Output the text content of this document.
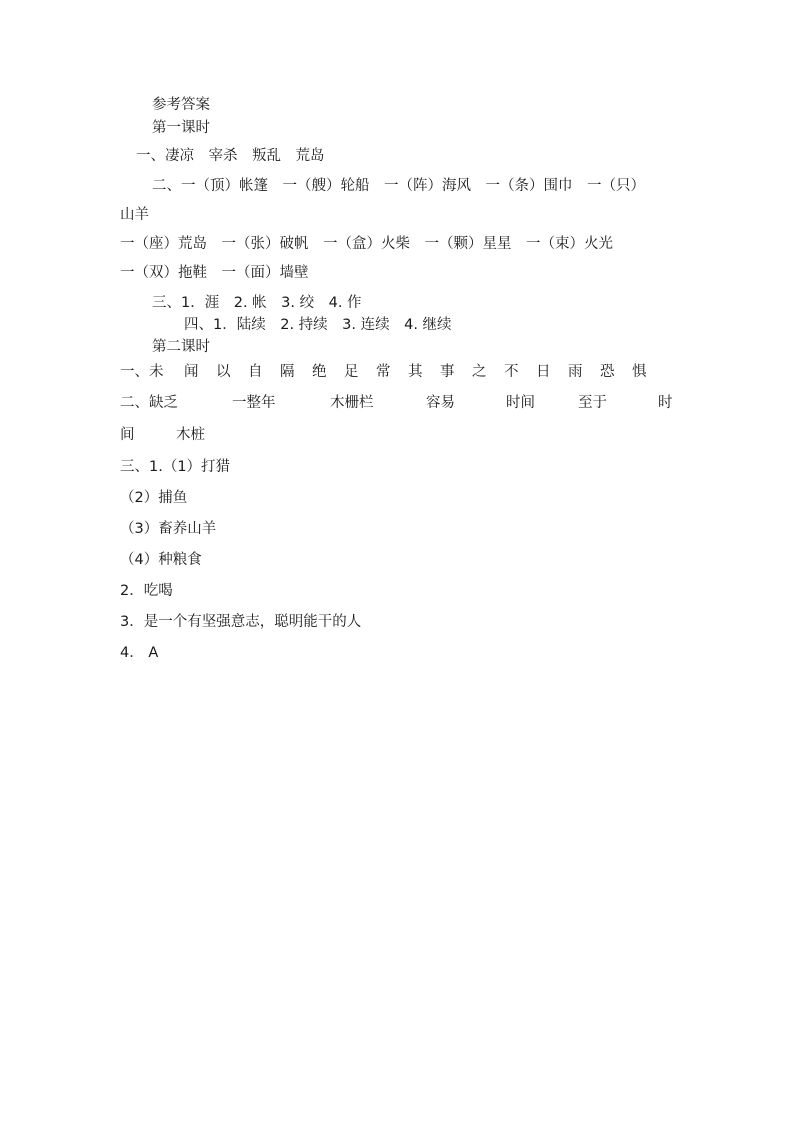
参考答案
第一课时
一、凄凉　宰杀　叛乱　荒岛
二、一（顶）帐篷　一（艘）轮船　一（阵）海风　一（条）围巾　一（只）
山羊
一（座）荒岛　一（张）破帆　一（盒）火柴　一（颗）星星　一（束）火光
一（双）拖鞋　一（面）墙壁
三、1．涯　2. 帐　3. 绞　4. 作
四、1．陆续　2. 持续　3. 连续　4. 继续
第二课时
一、未 闻 以 自 隔 绝 足 常 其 事 之 不 日 雨 恐 惧
二、缺乏	一整年	木栅栏	容易	时间	至于	时
间	木桩
三、1.（1）打猎
（2）捕鱼
（3）畜养山羊
（4）种粮食
2．吃喝
3．是一个有坚强意志，聪明能干的人
4． A
